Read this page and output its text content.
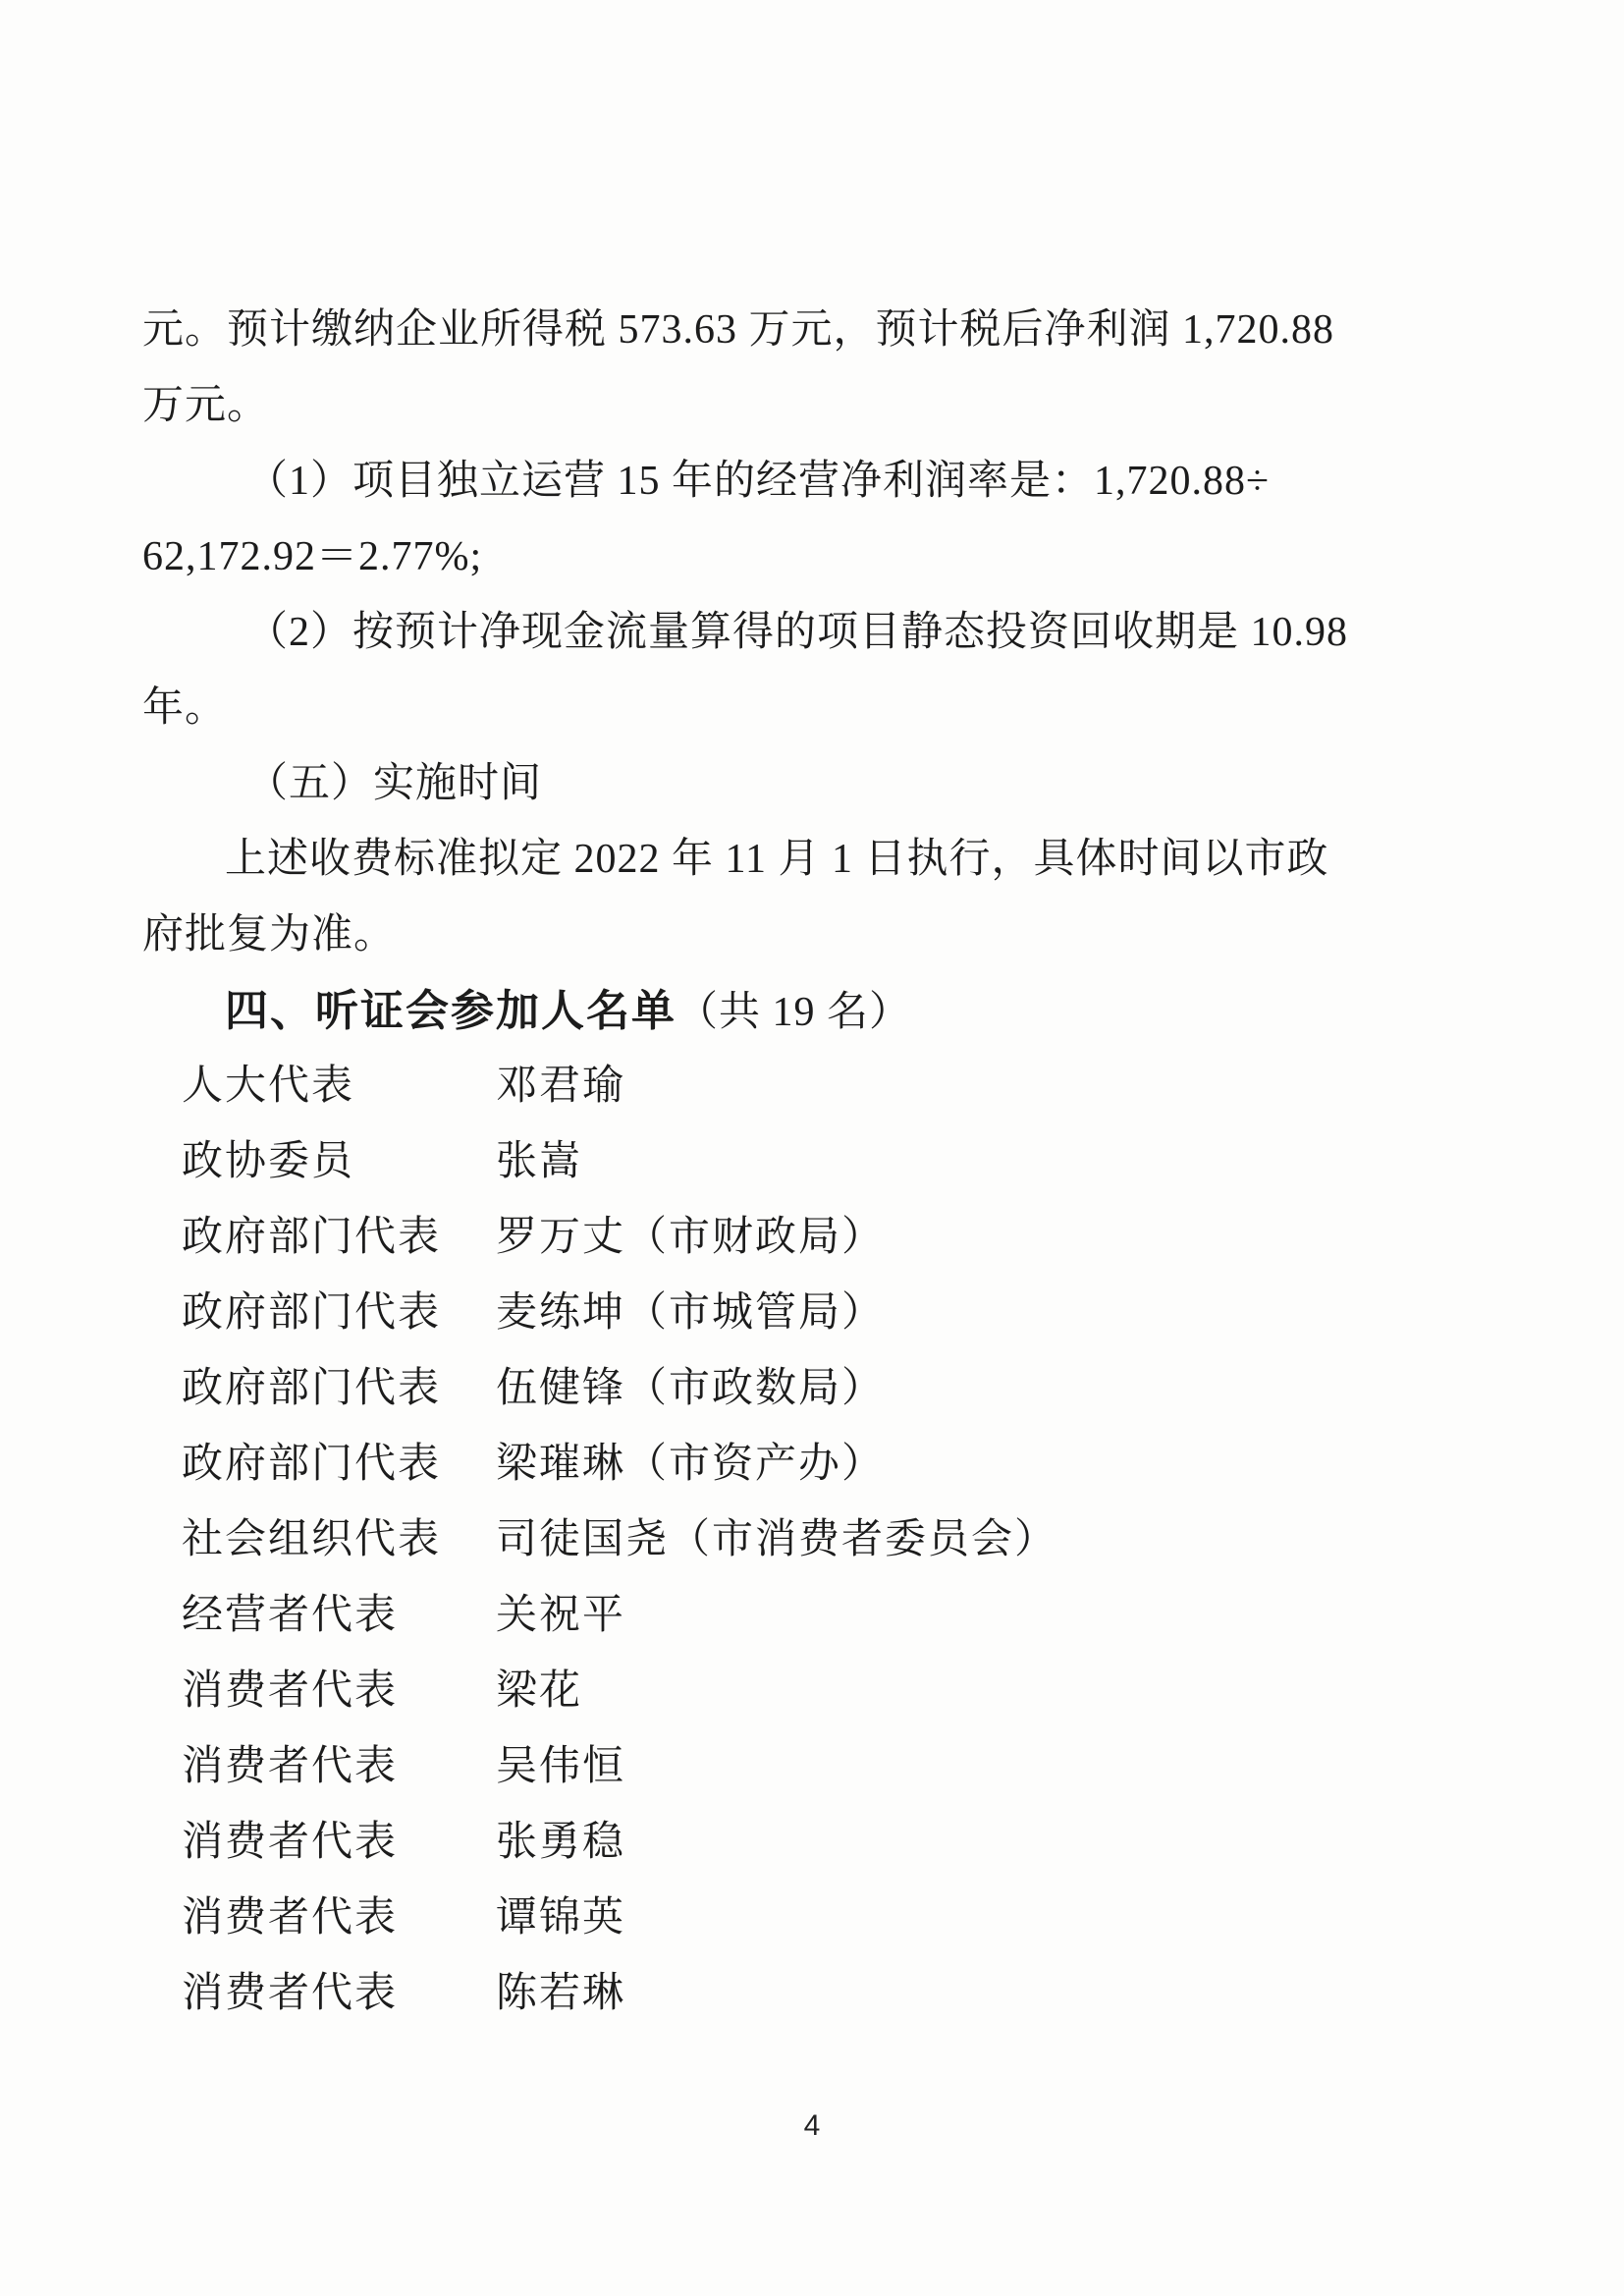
元。预计缴纳企业所得税 573.63 万元，预计税后净利润 1,720.88
万元。
（1）项目独立运营 15 年的经营净利润率是：1,720.88÷
62,172.92＝2.77%;
（2）按预计净现金流量算得的项目静态投资回收期是 10.98
年。
（五）实施时间
上述收费标准拟定 2022 年 11 月 1 日执行，具体时间以市政
府批复为准。
四、听证会参加人名单（共 19 名）
人大代表	邓君瑜
政协委员	张嵩
政府部门代表 罗万丈（市财政局）
政府部门代表 麦练坤（市城管局）
政府部门代表 伍健锋（市政数局）
政府部门代表 梁璀琳（市资产办）
社会组织代表 司徒国尧（市消费者委员会）
经营者代表 关祝平
消费者代表 梁花
消费者代表 吴伟恒
消费者代表 张勇稳
消费者代表 谭锦英
消费者代表 陈若琳
4
